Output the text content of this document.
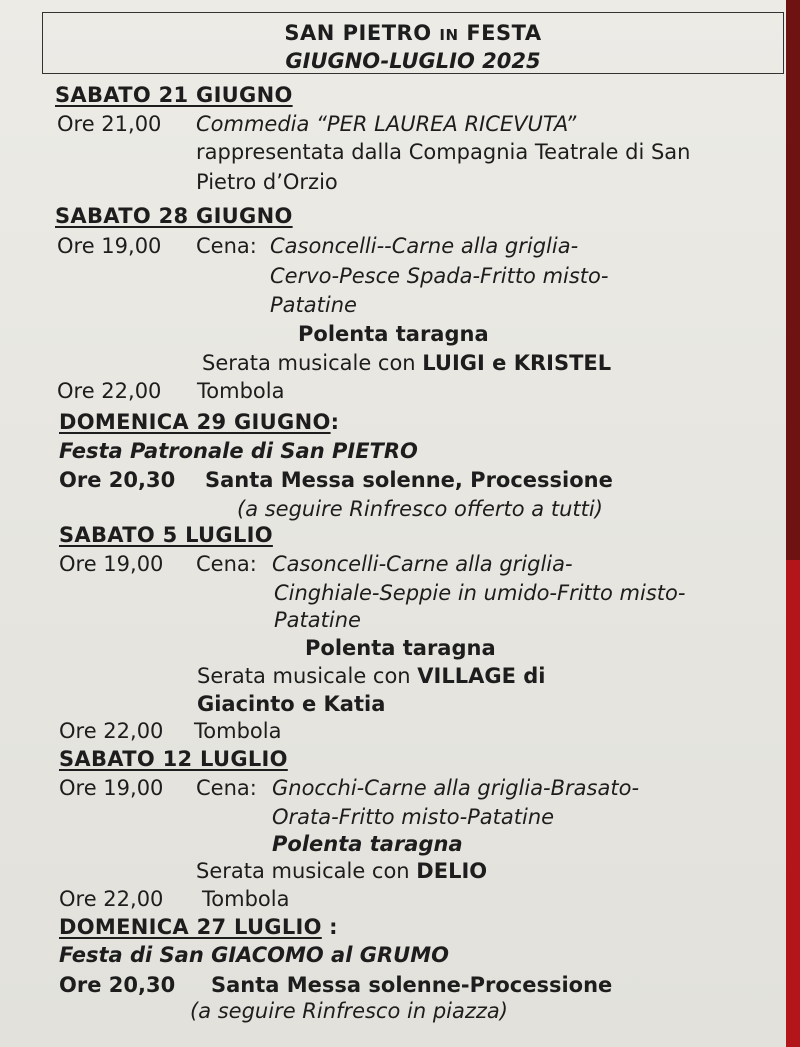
SAN PIETRO IN FESTA
GIUGNO-LUGLIO 2025
SABATO 21 GIUGNO
Ore 21,00 Commedia “PER LAUREA RICEVUTA”
rappresentata dalla Compagnia Teatrale di San
Pietro d’Orzio
SABATO 28 GIUGNO
Ore 19,00 Cena: Casoncelli--Carne alla griglia-
Cervo-Pesce Spada-Fritto misto-
Patatine
Polenta taragna
Serata musicale con LUIGI e KRISTEL
Ore 22,00 Tombola
DOMENICA 29 GIUGNO:
Festa Patronale di San PIETRO
Ore 20,30 Santa Messa solenne, Processione
(a seguire Rinfresco offerto a tutti)
SABATO 5 LUGLIO
Ore 19,00 Cena: Casoncelli-Carne alla griglia-
Cinghiale-Seppie in umido-Fritto misto-
Patatine
Polenta taragna
Serata musicale con VILLAGE di
Giacinto e Katia
Ore 22,00 Tombola
SABATO 12 LUGLIO
Ore 19,00 Cena: Gnocchi-Carne alla griglia-Brasato-
Orata-Fritto misto-Patatine
Polenta taragna
Serata musicale con DELIO
Ore 22,00 Tombola
DOMENICA 27 LUGLIO :
Festa di San GIACOMO al GRUMO
Ore 20,30 Santa Messa solenne-Processione
(a seguire Rinfresco in piazza)
